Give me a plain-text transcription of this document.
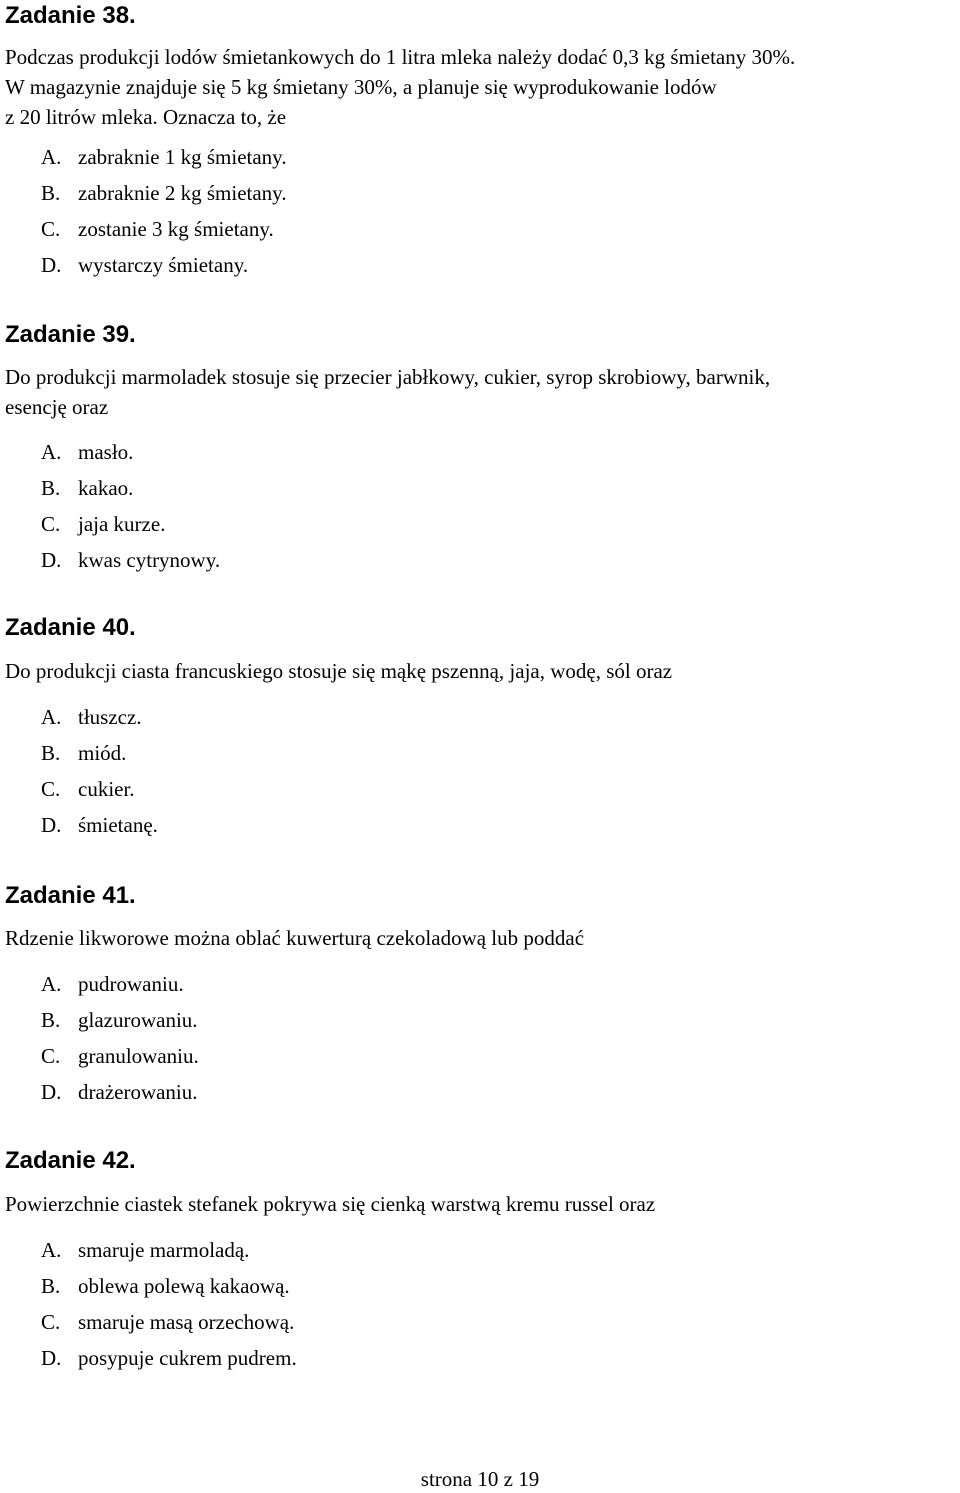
Zadanie 38.

Podczas produkcji lodów śmietankowych do 1 litra mleka należy dodać 0,3 kg śmietany 30%.
W magazynie znajduje się 5 kg śmietany 30%, a planuje się wyprodukowanie lodów
z 20 litrów mleka. Oznacza to, że

A. zabraknie 1 kg śmietany.
B. zabraknie 2 kg śmietany.
C. zostanie 3 kg śmietany.
D. wystarczy śmietany.
Zadanie 39.

Do produkcji marmoladek stosuje się przecier jabłkowy, cukier, syrop skrobiowy, barwnik,
esencję oraz

A. masło.
B. kakao.
C. jaja kurze.
D. kwas cytrynowy.
Zadanie 40.

Do produkcji ciasta francuskiego stosuje się mąkę pszenną, jaja, wodę, sól oraz

A. tłuszcz.
B. miód.
C. cukier.
D. śmietanę.
Zadanie 41.

Rdzenie likworowe można oblać kuwerturą czekoladową lub poddać

A. pudrowaniu.
B. glazurowaniu.
C. granulowaniu.
D. drażerowaniu.
Zadanie 42.

Powierzchnie ciastek stefanek pokrywa się cienką warstwą kremu russel oraz

A. smaruje marmoladą.
B. oblewa polewą kakaową.
C. smaruje masą orzechową.
D. posypuje cukrem pudrem.
strona 10 z 19
